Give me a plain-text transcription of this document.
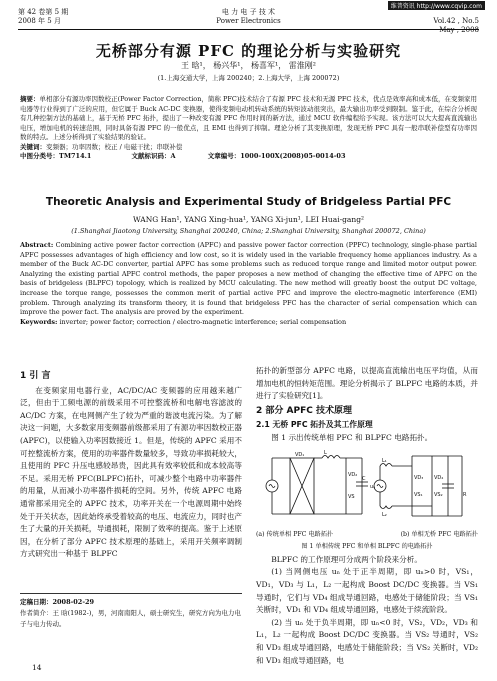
第 42 卷第 5 期
2008 年 5 月
电 力 电 子 技 术
Power Electronics	Vol.42 , No.5
May , 2008
维普资讯 http://www.cqvip.com
无桥部分有源 PFC 的理论分析与实验研究
王 晗¹， 杨兴华¹， 杨喜军¹， 雷淮刚²
(1.上海交通大学，上海 200240；2.上海大学，上海 200072)
摘要：单相部分有源功率因数校正(Power Factor Correction，简称 PFC)技术结合了有源 PFC 技术和无源 PFC 技术，优点是效率高和成本低，在变频家用电器等行业得到了广泛的应用，但它属于 Buck AC-DC 变换器，使得变频电动机转动系统的转矩波动很突出，最大输出功率受到限制。鉴于此，在综合分析现有几种控制方法的基础上，基于无桥 PFC 拓扑，提出了一种改变有源 PFC 作用时间的新方法，通过 MCU 软件编程给予实现。该方法可以大大提高直流输出电压，增加电机的转速范围，同时具备有源 PFC 的一般优点，且 EMI 也得到了抑制。理论分析了其变换原理，发现无桥 PFC 具有一般串联补偿型有功率因数的特点。上述分析得到了实验结果的验证。
关键词：变频器；功率因数；校正 / 电磁干扰；串联补偿
中图分类号：TM714.1	文献标识码：A	文章编号：1000-100X(2008)05-0014-03
Theoretic Analysis and Experimental Study of Bridgeless Partial PFC
WANG Han¹, YANG Xing-hua¹, YANG Xi-jun¹, LEI Huai-gang²
(1.Shanghai Jiaotong University, Shanghai 200240, China; 2.Shanghai University, Shanghai 200072, China)
Abstract: Combining active power factor correction (APFC) and passive power factor correction (PPFC) technology, single-phase partial APFC possesses advantages of high efficiency and low cost, so it is widely used in the variable frequency home appliances industry. As a member of the Buck AC-DC converter, partial APFC has some problems such as reduced torque range and limited motor output power. Analyzing the existing partial APFC control methods, the paper proposes a new method of changing the effective time of APFC on the basis of bridgeless (BLPFC) topology, which is realized by MCU calculating. The new method will greatly boost the output DC voltage, increase the torque range, possesses the common merit of partial active PFC and improve the electro-magnetic interference (EMI) problem. Through analyzing its transform theory, it is found that bridgeless PFC has the character of serial compensation which can improve the power fact. The analysis are proved by the experiment.
Keywords: inverter; power factor; correction / electro-magnetic interference; serial compensation
1 引 言
在变频家用电器行业，AC/DC/AC 变频器的应用越来越广泛，但由于工频电源的前级采用不可控整流桥和电解电容滤波的 AC/DC 方案，在电网侧产生了较为严重的谐波电流污染。为了解决这一问题，大多数家用变频器前级都采用了有源功率因数校正器(APFC)，以使输入功率因数接近 1。但是，传统的 APFC 采用不可控整流桥方案，使用的功率器件数量较多，导致功率损耗较大，且使用的 PFC 升压电感较昂贵，因此具有效率较低和成本较高等不足。采用无桥 PFC(BLPFC)拓扑，可减少整个电路中功率器件的用量，从而减小功率器件损耗的空间。另外，传统 APFC 电路通常都采用完全的 APFC 技术，功率开关在一个电源周期中始终处于开关状态，因此始终承受着较高的电压、电流应力，同时也产生了大量的开关损耗，导通损耗，限制了效率的提高。鉴于上述原因，在分析了部分 APFC 技术原理的基础上，采用开关频率调制方式研究出一种基于 BLPFC
定稿日期：2008-02-29
作者简介：王 晗(1982-)，男，河南南阳人，硕士研究生，研究方向为电力电子与电力传动。
14
拓扑的新型部分 APFC 电路，以提高直流输出电压平均值，从而增加电机的恒转矩范围。理论分析揭示了 BLPFC 电路的本质，并进行了实验研究[1]。
2 部分 APFC 技术原理
2.1 无桥 PFC 拓扑及其工作原理
图 1 示出传统单相 PFC 和 BLPFC 电路拓扑。
(a) 传统单相 PFC 电路拓扑	(b) 单相无桥 PFC 电路拓扑
图 1 单相传统 PFC 和单相 BLPFC 的电路拓扑
BLPFC 的工作原理可分成两个阶段来分析。
(1) 当网侧电压 uₙ 处于正半周期，即 uₙ>0 时，VS₁，VD₁，VD₃ 与 L₁，L₂ 一起构成 Boost DC/DC 变换器。当 VS₁ 导通时，它们与 VD₄ 组成导通回路，电感处于储能阶段；当 VS₁ 关断时，VD₁ 和 VD₄ 组成导通回路，电感处于续流阶段。
(2) 当 uₙ 处于负半周期，即 uₙ<0 时，VS₂，VD₂，VD₃ 和 L₁，L₂ 一起构成 Boost DC/DC 变换器。当 VS₂ 导通时，VS₂ 和 VD₃ 组成导通回路，电感处于储能阶段；当 VS₂ 关断时，VD₂ 和 VD₃ 组成导通回路，电
L
VD₁
VD₂	VD₃ VD₄
C
R
VS
L₁
L₂
VS₁ VS₂
uₙ
